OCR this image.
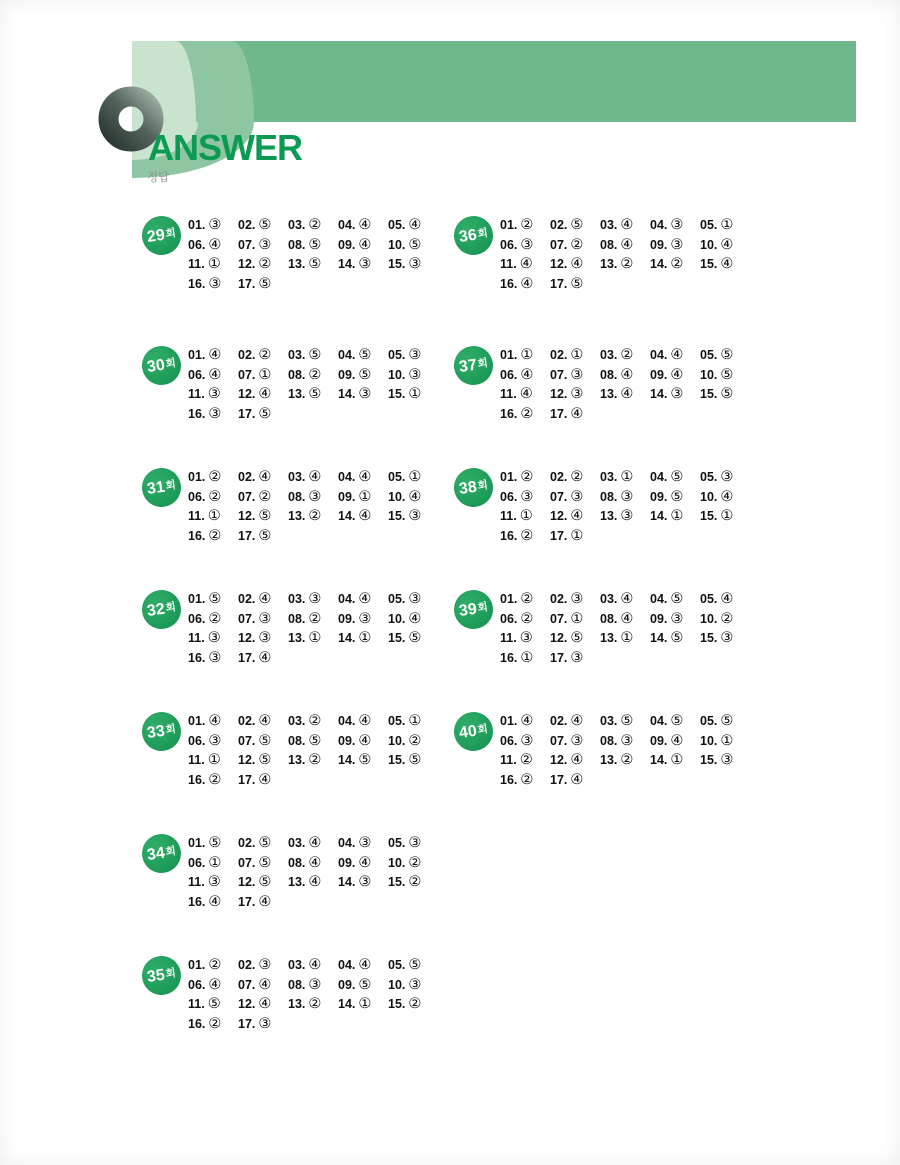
ANSWER
정답
29 회
01. ③ 02. ⑤ 03. ② 04. ④ 05. ④
06. ④ 07. ③ 08. ⑤ 09. ④ 10. ⑤
11. ① 12. ② 13. ⑤ 14. ③ 15. ③
16. ③ 17. ⑤
30 회
01. ④ 02. ② 03. ⑤ 04. ⑤ 05. ③
06. ④ 07. ① 08. ② 09. ⑤ 10. ③
11. ③ 12. ④ 13. ⑤ 14. ③ 15. ①
16. ③ 17. ⑤
31 회
01. ② 02. ④ 03. ④ 04. ④ 05. ①
06. ② 07. ② 08. ③ 09. ① 10. ④
11. ① 12. ⑤ 13. ② 14. ④ 15. ③
16. ② 17. ⑤
32 회
01. ⑤ 02. ④ 03. ③ 04. ④ 05. ③
06. ② 07. ③ 08. ② 09. ③ 10. ④
11. ③ 12. ③ 13. ① 14. ① 15. ⑤
16. ③ 17. ④
33 회
01. ④ 02. ④ 03. ② 04. ④ 05. ①
06. ③ 07. ⑤ 08. ⑤ 09. ④ 10. ②
11. ① 12. ⑤ 13. ② 14. ⑤ 15. ⑤
16. ② 17. ④
34 회
01. ⑤ 02. ⑤ 03. ④ 04. ③ 05. ③
06. ① 07. ⑤ 08. ④ 09. ④ 10. ②
11. ③ 12. ⑤ 13. ④ 14. ③ 15. ②
16. ④ 17. ④
35 회
01. ② 02. ③ 03. ④ 04. ④ 05. ⑤
06. ④ 07. ④ 08. ③ 09. ⑤ 10. ③
11. ⑤ 12. ④ 13. ② 14. ① 15. ②
16. ② 17. ③
36 회
01. ② 02. ⑤ 03. ④ 04. ③ 05. ①
06. ③ 07. ② 08. ④ 09. ③ 10. ④
11. ④ 12. ④ 13. ② 14. ② 15. ④
16. ④ 17. ⑤
37 회
01. ① 02. ① 03. ② 04. ④ 05. ⑤
06. ④ 07. ③ 08. ④ 09. ④ 10. ⑤
11. ④ 12. ③ 13. ④ 14. ③ 15. ⑤
16. ② 17. ④
38 회
01. ② 02. ② 03. ① 04. ⑤ 05. ③
06. ③ 07. ③ 08. ③ 09. ⑤ 10. ④
11. ① 12. ④ 13. ③ 14. ① 15. ①
16. ② 17. ①
39 회
01. ② 02. ③ 03. ④ 04. ⑤ 05. ④
06. ② 07. ① 08. ④ 09. ③ 10. ②
11. ③ 12. ⑤ 13. ① 14. ⑤ 15. ③
16. ① 17. ③
40 회
01. ④ 02. ④ 03. ⑤ 04. ⑤ 05. ⑤
06. ③ 07. ③ 08. ③ 09. ④ 10. ①
11. ② 12. ④ 13. ② 14. ① 15. ③
16. ② 17. ④
